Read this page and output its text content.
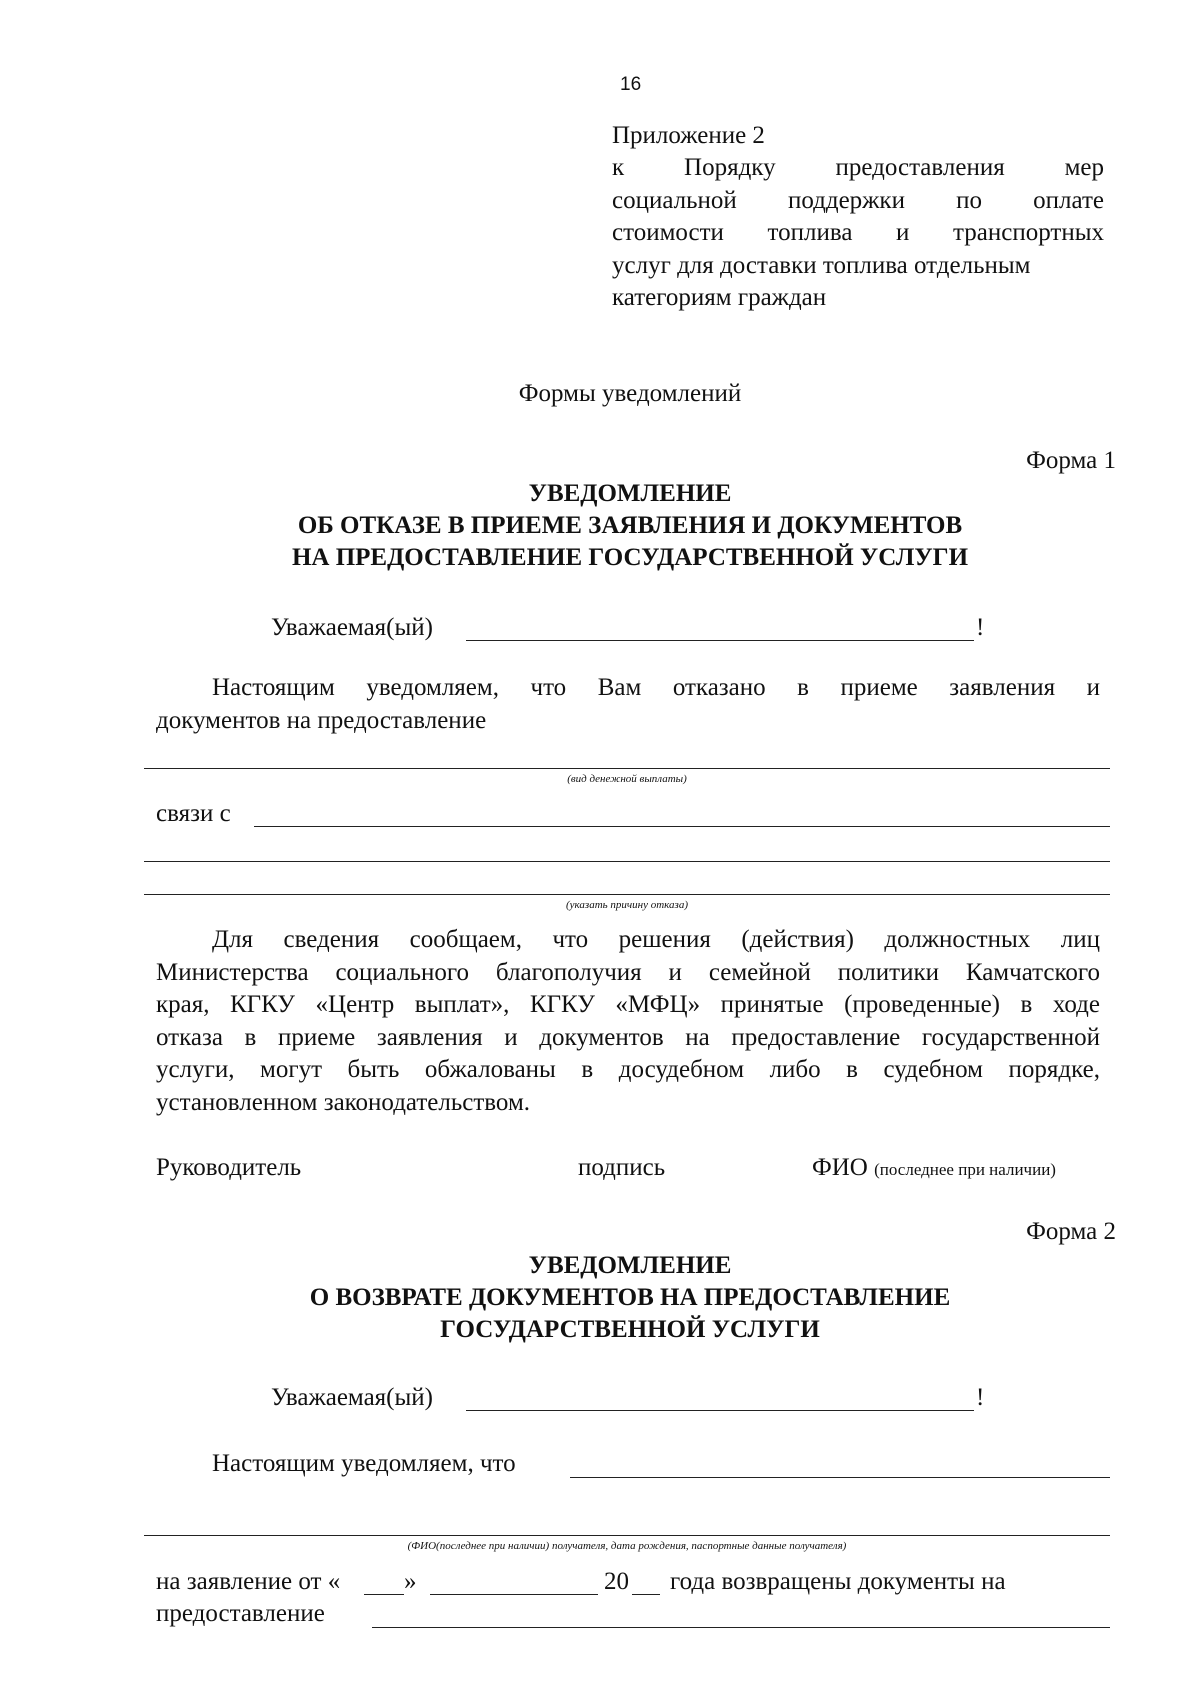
16
Приложение 2
к Порядку предоставления мер
социальной поддержки по оплате
стоимости топлива и транспортных
услуг для доставки топлива отдельным
категориям граждан
Формы уведомлений
Форма 1
УВЕДОМЛЕНИЕ
ОБ ОТКАЗЕ В ПРИЕМЕ ЗАЯВЛЕНИЯ И ДОКУМЕНТОВ
НА ПРЕДОСТАВЛЕНИЕ ГОСУДАРСТВЕННОЙ УСЛУГИ
Уважаемая(ый)	!
Настоящим уведомляем, что Вам отказано в приеме заявления и
документов на предоставление
(вид денежной выплаты)
связи с
(указать причину отказа)
Для сведения сообщаем, что решения (действия) должностных лиц
Министерства социального благополучия и семейной политики Камчатского
края, КГКУ «Центр выплат», КГКУ «МФЦ» принятые (проведенные) в ходе
отказа в приеме заявления и документов на предоставление государственной
услуги, могут быть обжалованы в досудебном либо в судебном порядке,
установленном законодательством.
Руководитель	подпись	ФИО (последнее при наличии)
Форма 2
УВЕДОМЛЕНИЕ
О ВОЗВРАТЕ ДОКУМЕНТОВ НА ПРЕДОСТАВЛЕНИЕ
ГОСУДАРСТВЕННОЙ УСЛУГИ
Уважаемая(ый)	!
Настоящим уведомляем, что
(ФИО(последнее при наличии) получателя, дата рождения, паспортные данные получателя)
на заявление от «	»	20 года возвращены документы на
предоставление
